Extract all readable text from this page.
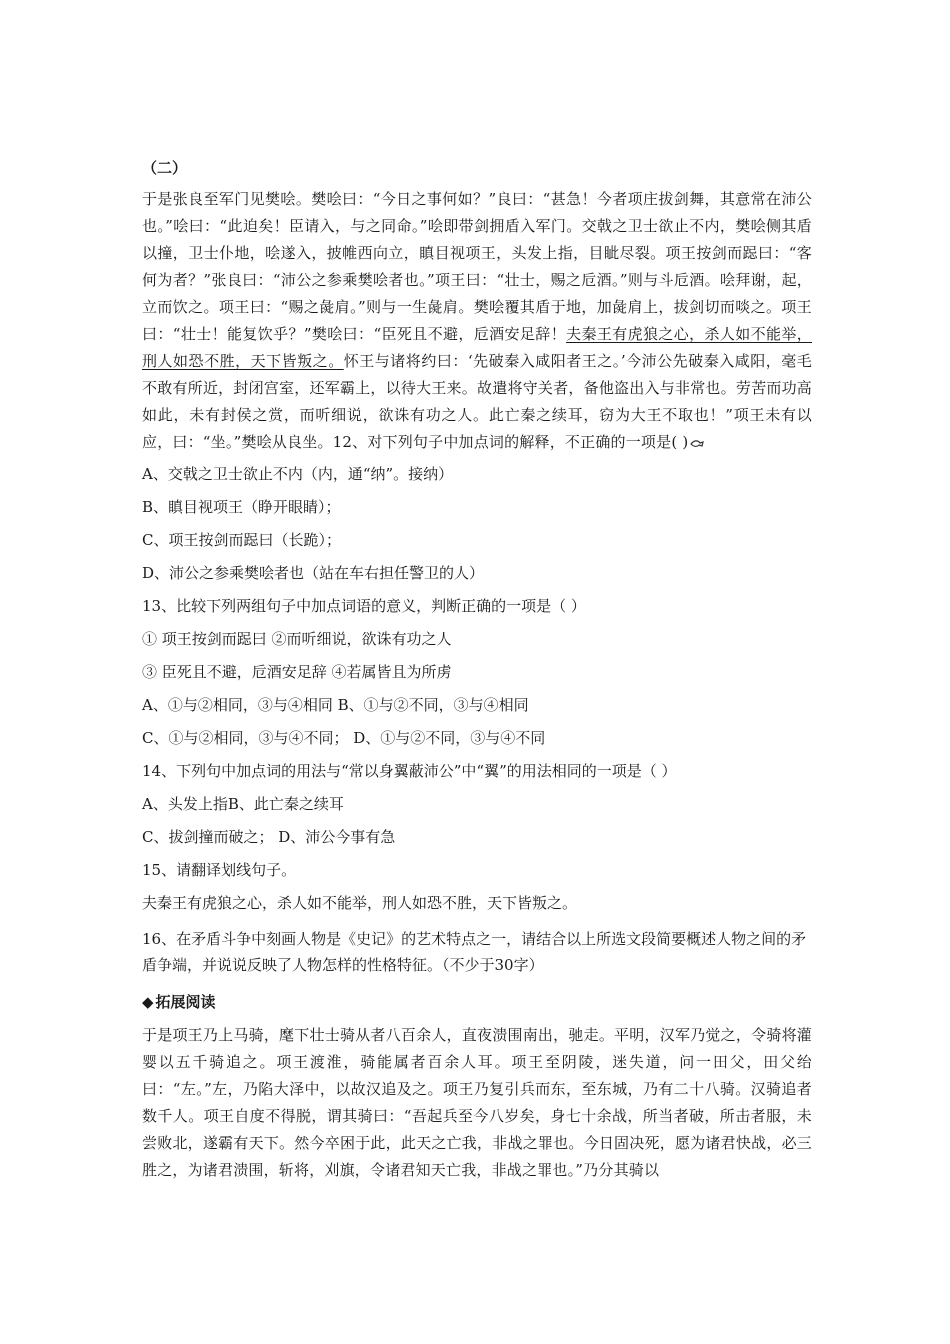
（二）
于是张良至军门见樊哙。樊哙曰：“今日之事何如？”良曰：“甚急！今者项庄拔剑舞，其意常在沛公也。”哙曰：“此迫矣！臣请入，与之同命。”哙即带剑拥盾入军门。交戟之卫士欲止不内，樊哙侧其盾以撞，卫士仆地，哙遂入，披帷西向立，瞋目视项王，头发上指，目眦尽裂。项王按剑而跽曰：“客何为者？”张良曰：“沛公之参乘樊哙者也。”项王曰：“壮士，赐之卮酒。”则与斗卮酒。哙拜谢，起，立而饮之。项王曰：“赐之彘肩。”则与一生彘肩。樊哙覆其盾于地，加彘肩上，拔剑切而啖之。项王曰：“壮士！能复饮乎？”樊哙曰：“臣死且不避，卮酒安足辞！夫秦王有虎狼之心，杀人如不能举，刑人如恐不胜，天下皆叛之。怀王与诸将约曰：‘先破秦入咸阳者王之。’今沛公先破秦入咸阳，毫毛不敢有所近，封闭宫室，还军霸上，以待大王来。故遣将守关者，备他盗出入与非常也。劳苦而功高如此，未有封侯之赏，而听细说，欲诛有功之人。此亡秦之续耳，窃为大王不取也！”项王未有以应，曰：“坐。”樊哙从良坐。12、对下列句子中加点词的解释，不正确的一项是( )
A、交戟之卫士欲止不内（内，通“纳”。接纳）
B、瞋目视项王（睁开眼睛）；
C、项王按剑而跽曰（长跪）；
D、沛公之参乘樊哙者也（站在车右担任警卫的人）
13、比较下列两组句子中加点词语的意义，判断正确的一项是（ ）
① 项王按剑而跽曰 ②而听细说，欲诛有功之人
③ 臣死且不避，卮酒安足辞 ④若属皆且为所虏
A、①与②相同，③与④相同 B、①与②不同，③与④相同
C、①与②相同，③与④不同； D、①与②不同，③与④不同
14、下列句中加点词的用法与“常以身翼蔽沛公”中“翼”的用法相同的一项是（ ）
A、头发上指B、此亡秦之续耳
C、拔剑撞而破之； D、沛公今事有急
15、请翻译划线句子。
夫秦王有虎狼之心，杀人如不能举，刑人如恐不胜，天下皆叛之。
16、在矛盾斗争中刻画人物是《史记》的艺术特点之一，请结合以上所选文段简要概述人物之间的矛盾争端，并说说反映了人物怎样的性格特征。（不少于30字）
◆ 拓展阅读
于是项王乃上马骑，麾下壮士骑从者八百余人，直夜溃围南出，驰走。平明，汉军乃觉之，令骑将灌婴以五千骑追之。项王渡淮，骑能属者百余人耳。项王至阴陵，迷失道，问一田父，田父绐曰：“左。”左，乃陷大泽中，以故汉追及之。项王乃复引兵而东，至东城，乃有二十八骑。汉骑追者数千人。项王自度不得脱，谓其骑曰：“吾起兵至今八岁矣，身七十余战，所当者破，所击者服，未尝败北，遂霸有天下。然今卒困于此，此天之亡我，非战之罪也。今日固决死，愿为诸君快战，必三胜之，为诸君溃围，斩将，刈旗，令诸君知天亡我，非战之罪也。”乃分其骑以
